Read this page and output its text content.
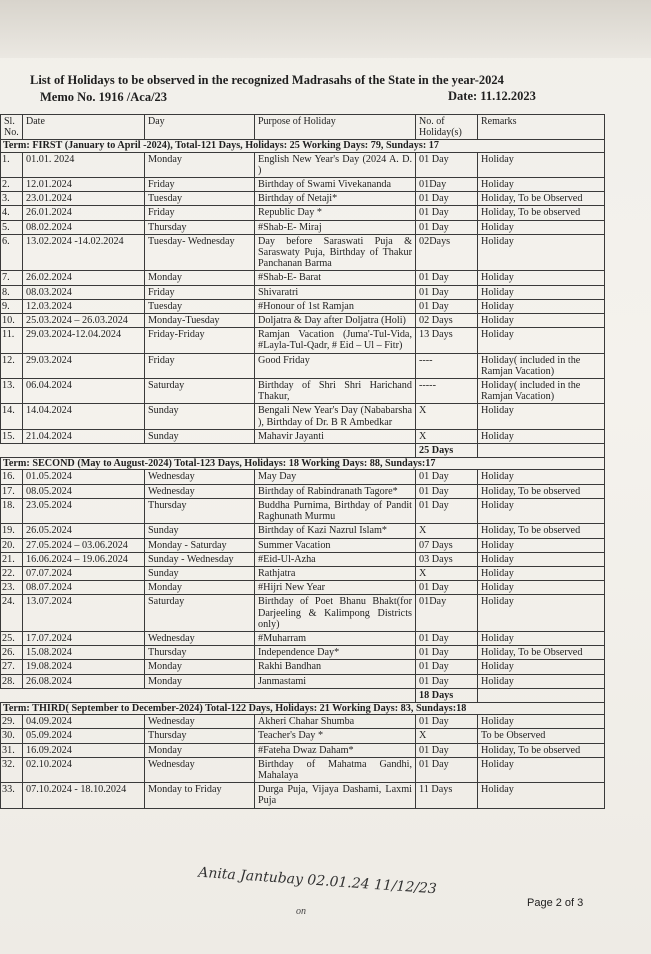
List of Holidays to be observed in the recognized Madrasahs of the State in the year-2024
Memo No. 1916 /Aca/23	Date: 11.12.2023
Sl. No.	Date	Day	Purpose of Holiday	No. of Holiday(s)	Remarks
Term: FIRST (January to April -2024), Total-121 Days, Holidays: 25 Working Days: 79, Sundays: 17					
1.	01.01. 2024	Monday	English New Year's Day (2024 A. D. )	01 Day	Holiday
2.	12.01.2024	Friday	Birthday of Swami Vivekananda	01Day	Holiday
3.	23.01.2024	Tuesday	Birthday of Netaji*	01 Day	Holiday, To be Observed
4.	26.01.2024	Friday	Republic Day *	01 Day	Holiday, To be observed
5.	08.02.2024	Thursday	#Shab-E- Miraj	01 Day	Holiday
6.	13.02.2024 -14.02.2024	Tuesday- Wednesday	Day before Saraswati Puja & Saraswaty Puja, Birthday of Thakur Panchanan Barma	02Days	Holiday
7.	26.02.2024	Monday	#Shab-E- Barat	01 Day	Holiday
8.	08.03.2024	Friday	Shivaratri	01 Day	Holiday
9.	12.03.2024	Tuesday	#Honour of 1st Ramjan	01 Day	Holiday
10.	25.03.2024 – 26.03.2024	Monday-Tuesday	Doljatra & Day after Doljatra (Holi)	02 Days	Holiday
11.	29.03.2024-12.04.2024	Friday-Friday	Ramjan Vacation (Juma'-Tul-Vida, #Layla-Tul-Qadr, # Eid – Ul – Fitr)	13 Days	Holiday
12.	29.03.2024	Friday	Good Friday	----	Holiday( included in the Ramjan Vacation)
13.	06.04.2024	Saturday	Birthday of Shri Shri Harichand Thakur,	-----	Holiday( included in the Ramjan Vacation)
14.	14.04.2024	Sunday	Bengali New Year's Day (Nababarsha ), Birthday of Dr. B R Ambedkar	X	Holiday
15.	21.04.2024	Sunday	Mahavir Jayanti	X	Holiday
				25 Days	
Term: SECOND (May to August-2024) Total-123 Days, Holidays: 18 Working Days: 88, Sundays:17					
16.	01.05.2024	Wednesday	May Day	01 Day	Holiday
17.	08.05.2024	Wednesday	Birthday of Rabindranath Tagore*	01 Day	Holiday, To be observed
18.	23.05.2024	Thursday	Buddha Purnima, Birthday of Pandit Raghunath Murmu	01 Day	Holiday
19.	26.05.2024	Sunday	Birthday of Kazi Nazrul Islam*	X	Holiday, To be observed
20.	27.05.2024 – 03.06.2024	Monday - Saturday	Summer Vacation	07 Days	Holiday
21.	16.06.2024 – 19.06.2024	Sunday - Wednesday	#Eid-Ul-Azha	03 Days	Holiday
22.	07.07.2024	Sunday	Rathjatra	X	Holiday
23.	08.07.2024	Monday	#Hijri New Year	01 Day	Holiday
24.	13.07.2024	Saturday	Birthday of Poet Bhanu Bhakt(for Darjeeling & Kalimpong Districts only)	01Day	Holiday
25.	17.07.2024	Wednesday	#Muharram	01 Day	Holiday
26.	15.08.2024	Thursday	Independence Day*	01 Day	Holiday, To be Observed
27.	19.08.2024	Monday	Rakhi Bandhan	01 Day	Holiday
28.	26.08.2024	Monday	Janmastami	01 Day	Holiday
				18 Days	
Term: THIRD( September to December-2024) Total-122 Days, Holidays: 21 Working Days: 83, Sundays:18					
29.	04.09.2024	Wednesday	Akheri Chahar Shumba	01 Day	Holiday
30.	05.09.2024	Thursday	Teacher's Day *	X	To be Observed
31.	16.09.2024	Monday	#Fateha Dwaz Daham*	01 Day	Holiday, To be observed
32.	02.10.2024	Wednesday	Birthday of Mahatma Gandhi, Mahalaya	01 Day	Holiday
33.	07.10.2024 - 18.10.2024	Monday to Friday	Durga Puja, Vijaya Dashami, Laxmi Puja	11 Days	Holiday
Anita Jantubay 02.01.24 11/12/23
on
Page 2 of 3
